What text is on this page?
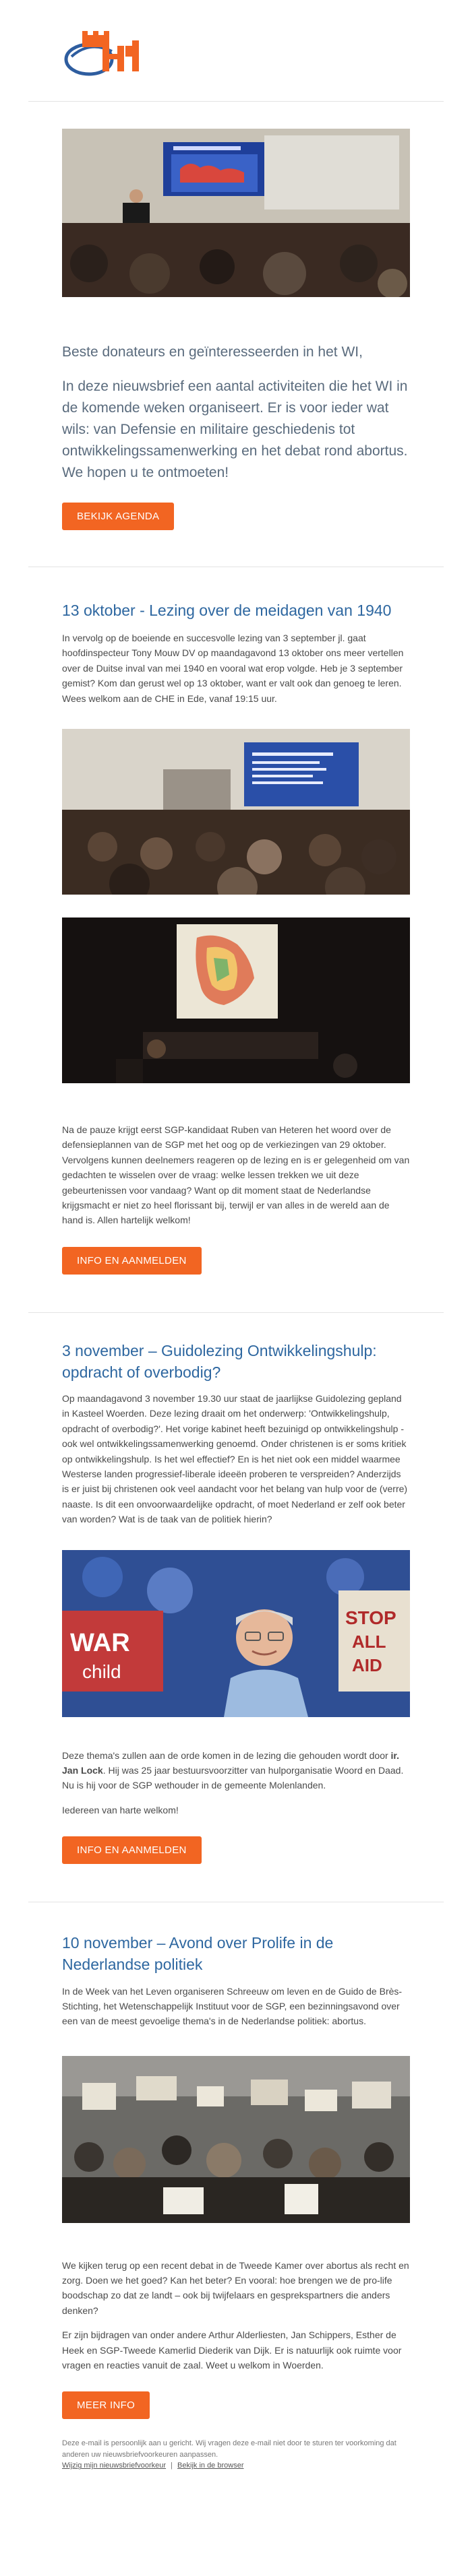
Beste donateurs en geïnteresseerden in het WI,

In deze nieuwsbrief een aantal activiteiten die het WI in de komende weken organiseert. Er is voor ieder wat wils: van Defensie en militaire geschiedenis tot ontwikkelingssamenwerking en het debat rond abortus. We hopen u te ontmoeten!

BEKIJK AGENDA
13 oktober - Lezing over de meidagen van 1940

In vervolg op de boeiende en succesvolle lezing van 3 september jl. gaat hoofdinspecteur Tony Mouw DV op maandagavond 13 oktober ons meer vertellen over de Duitse inval van mei 1940 en vooral wat erop volgde. Heb je 3 september gemist? Kom dan gerust wel op 13 oktober, want er valt ook dan genoeg te leren. Wees welkom aan de CHE in Ede, vanaf 19:15 uur.

Na de pauze krijgt eerst SGP-kandidaat Ruben van Heteren het woord over de defensieplannen van de SGP met het oog op de verkiezingen van 29 oktober. Vervolgens kunnen deelnemers reageren op de lezing en is er gelegenheid om van gedachten te wisselen over de vraag: welke lessen trekken we uit deze gebeurtenissen voor vandaag? Want op dit moment staat de Nederlandse krijgsmacht er niet zo heel florissant bij, terwijl er van alles in de wereld aan de hand is. Allen hartelijk welkom!

INFO EN AANMELDEN
3 november – Guidolezing Ontwikkelingshulp: opdracht of overbodig?

Op maandagavond 3 november 19.30 uur staat de jaarlijkse Guidolezing gepland in Kasteel Woerden. Deze lezing draait om het onderwerp: 'Ontwikkelingshulp, opdracht of overbodig?'. Het vorige kabinet heeft bezuinigd op ontwikkelingshulp - ook wel ontwikkelingssamenwerking genoemd. Onder christenen is er soms kritiek op ontwikkelingshulp. Is het wel effectief? En is het niet ook een middel waarmee Westerse landen progressief-liberale ideeën proberen te verspreiden? Anderzijds is er juist bij christenen ook veel aandacht voor het belang van hulp voor de (verre) naaste. Is dit een onvoorwaardelijke opdracht, of moet Nederland er zelf ook beter van worden? Wat is de taak van de politiek hierin?

WAR
child
STOP
ALL
AID

Deze thema's zullen aan de orde komen in de lezing die gehouden wordt door ir. Jan Lock. Hij was 25 jaar bestuursvoorzitter van hulporganisatie Woord en Daad. Nu is hij voor de SGP wethouder in de gemeente Molenlanden.

Iedereen van harte welkom!

INFO EN AANMELDEN
10 november – Avond over Prolife in de Nederlandse politiek

In de Week van het Leven organiseren Schreeuw om leven en de Guido de Brès-Stichting, het Wetenschappelijk Instituut voor de SGP, een bezinningsavond over een van de meest gevoelige thema's in de Nederlandse politiek: abortus.

We kijken terug op een recent debat in de Tweede Kamer over abortus als recht en zorg. Doen we het goed? Kan het beter? En vooral: hoe brengen we de pro-life boodschap zo dat ze landt – ook bij twijfelaars en gesprekspartners die anders denken?

Er zijn bijdragen van onder andere Arthur Alderliesten, Jan Schippers, Esther de Heek en SGP-Tweede Kamerlid Diederik van Dijk. Er is natuurlijk ook ruimte voor vragen en reacties vanuit de zaal. Weet u welkom in Woerden.

MEER INFO

Deze e-mail is persoonlijk aan u gericht. Wij vragen deze e-mail niet door te sturen ter voorkoming dat anderen uw nieuwsbriefvoorkeuren aanpassen.

Wijzig mijn nieuwsbriefvoorkeur | Bekijk in de browser
